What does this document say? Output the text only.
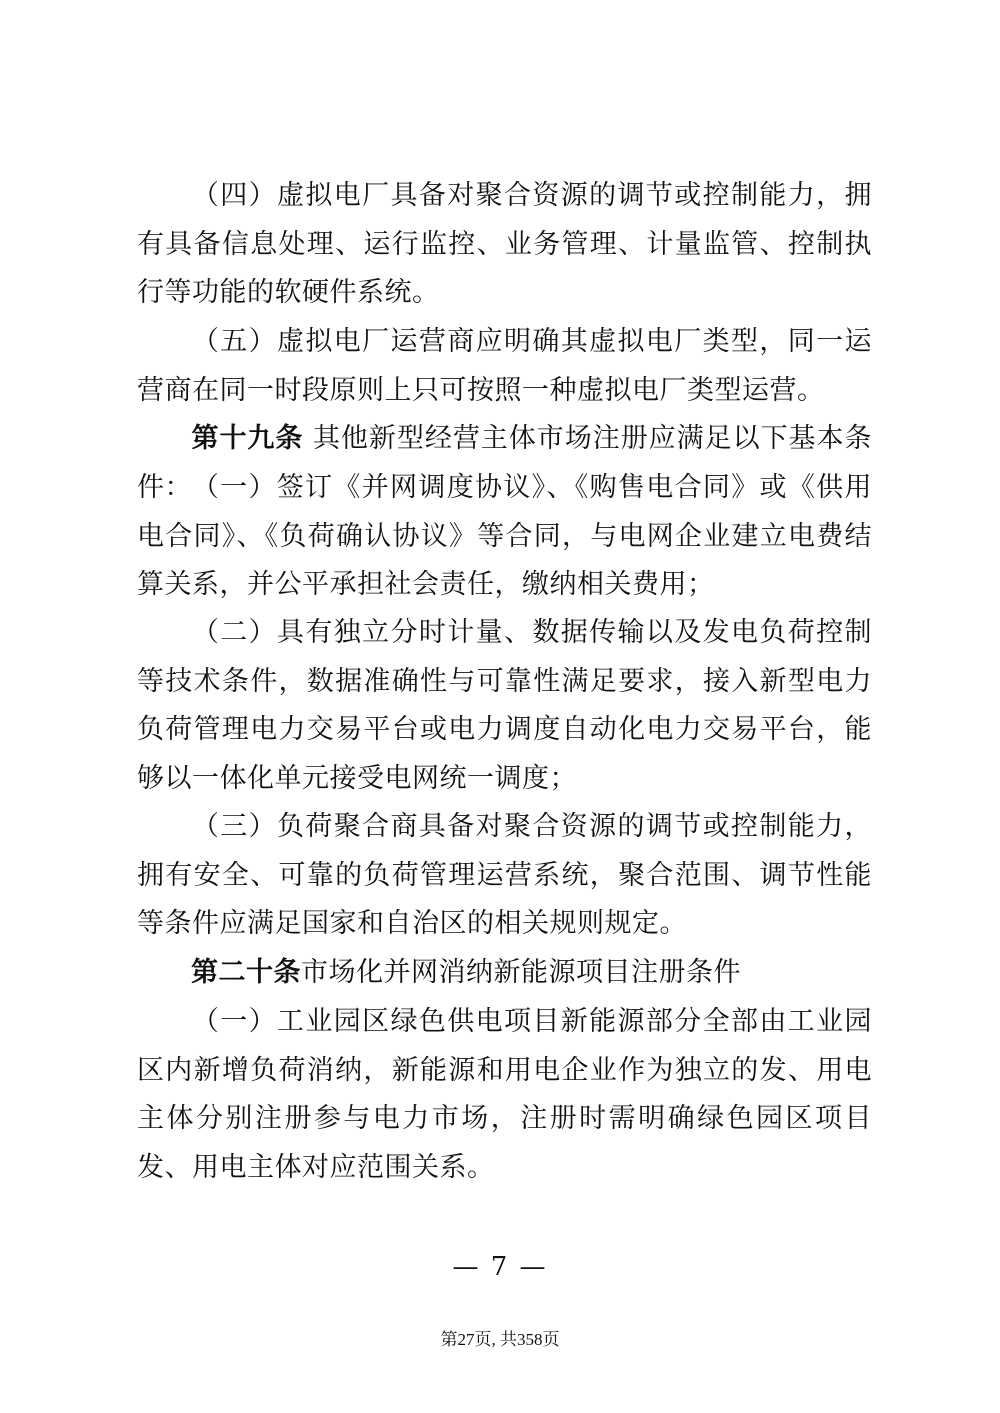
（四）虚拟电厂具备对聚合资源的调节或控制能力，拥有具备信息处理、运行监控、业务管理、计量监管、控制执行等功能的软硬件系统。

（五）虚拟电厂运营商应明确其虚拟电厂类型，同一运营商在同一时段原则上只可按照一种虚拟电厂类型运营。

第十九条 其他新型经营主体市场注册应满足以下基本条件： （一）签订《并网调度协议》、《购售电合同》或《供用电合同》、《负荷确认协议》等合同，与电网企业建立电费结算关系，并公平承担社会责任，缴纳相关费用；

（二）具有独立分时计量、数据传输以及发电负荷控制等技术条件，数据准确性与可靠性满足要求，接入新型电力负荷管理电力交易平台或电力调度自动化电力交易平台，能够以一体化单元接受电网统一调度；

（三）负荷聚合商具备对聚合资源的调节或控制能力，拥有安全、可靠的负荷管理运营系统，聚合范围、调节性能等条件应满足国家和自治区的相关规则规定。

第二十条市场化并网消纳新能源项目注册条件

（一）工业园区绿色供电项目新能源部分全部由工业园区内新增负荷消纳，新能源和用电企业作为独立的发、用电主体分别注册参与电力市场，注册时需明确绿色园区项目发、用电主体对应范围关系。

— 7 —
第27页, 共358页
